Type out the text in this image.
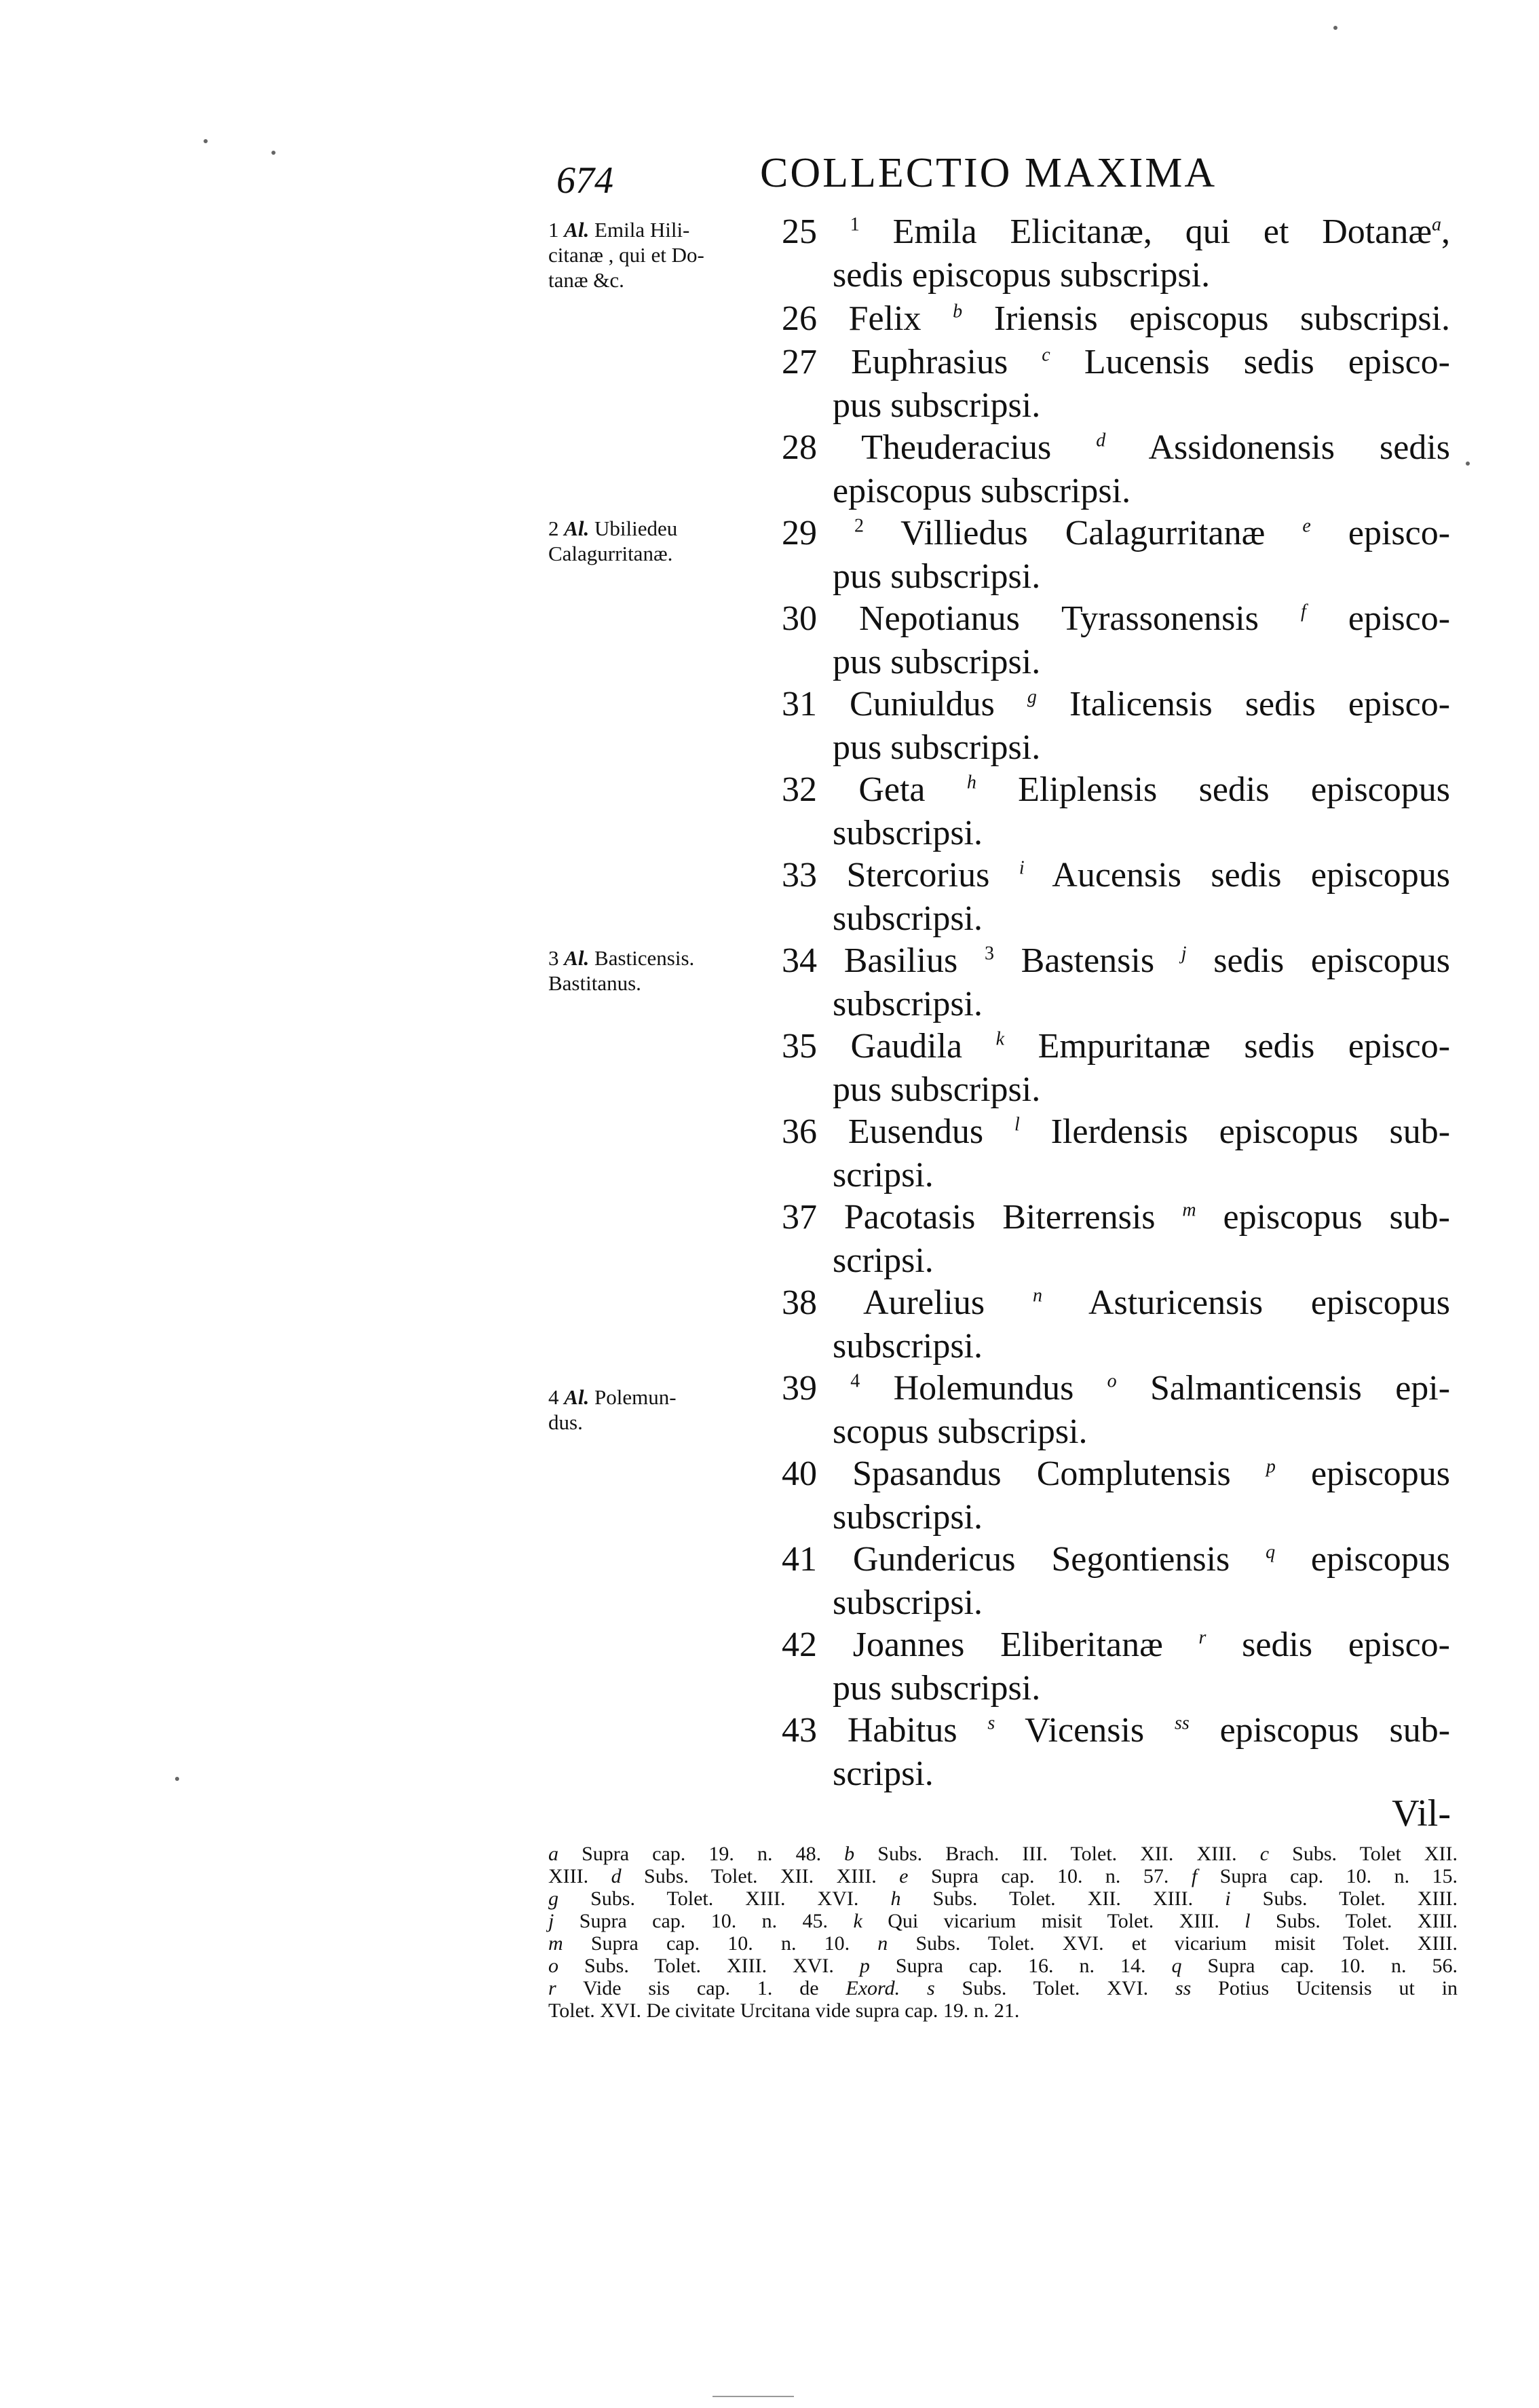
674	COLLECTIO MAXIMA
1 Al. Emila Hili-
citanæ , qui et Do-
tanæ &c.
2 Al. Ubiliedeu
Calagurritanæ.
3 Al. Basticensis.
Bastitanus.
4 Al. Polemun-
dus.
25 $^1$ Emila Elicitanæ, qui et Dotanæ$^a$,
sedis episcopus subscripsi.
26 Felix $^b$ Iriensis episcopus subscripsi.
27 Euphrasius $^c$ Lucensis sedis episco-
pus subscripsi.
28 Theuderacius $^d$ Assidonensis sedis
episcopus subscripsi.
29 $^2$ Villiedus Calagurritanæ $^e$ episco-
pus subscripsi.
30 Nepotianus Tyrassonensis $^f$ episco-
pus subscripsi.
31 Cuniuldus $^g$ Italicensis sedis episco-
pus subscripsi.
32 Geta $^h$ Eliplensis sedis episcopus
subscripsi.
33 Stercorius $^i$ Aucensis sedis episcopus
subscripsi.
34 Basilius $^3$ Bastensis $^j$ sedis episcopus
subscripsi.
35 Gaudila $^k$ Empuritanæ sedis episco-
pus subscripsi.
36 Eusendus $^l$ Ilerdensis episcopus sub-
scripsi.
37 Pacotasis Biterrensis $^m$ episcopus sub-
scripsi.
38 Aurelius	$^n$ Asturicensis episcopus
subscripsi.
39 $^4$ Holemundus $^o$ Salmanticensis epi-
scopus subscripsi.
40 Spasandus Complutensis $^p$ episcopus
subscripsi.
41 Gundericus Segontiensis $^q$ episcopus
subscripsi.
42 Joannes Eliberitanæ $^r$ sedis episco-
pus subscripsi.
43 Habitus $^s$ Vicensis $^{ss}$ episcopus sub-
scripsi.
Vil-
a Supra cap. 19. n. 48. b Subs. Brach. III. Tolet. XII. XIII. c Subs. Tolet XII.
XIII. d Subs. Tolet. XII. XIII. e Supra cap. 10. n. 57. f Supra cap. 10. n. 15.
g Subs. Tolet. XIII. XVI. h Subs. Tolet. XII. XIII. i Subs. Tolet. XIII.
j Supra cap. 10. n. 45. k Qui vicarium misit Tolet. XIII. l Subs. Tolet. XIII.
m Supra cap. 10. n. 10. n Subs. Tolet. XVI. et vicarium misit Tolet. XIII.
o Subs. Tolet. XIII. XVI. p Supra cap. 16. n. 14. q Supra cap. 10. n. 56.
r Vide sis cap. 1. de Exord. s Subs. Tolet. XVI. ss Potius Ucitensis ut in
Tolet. XVI. De civitate Urcitana vide supra cap. 19. n. 21.
